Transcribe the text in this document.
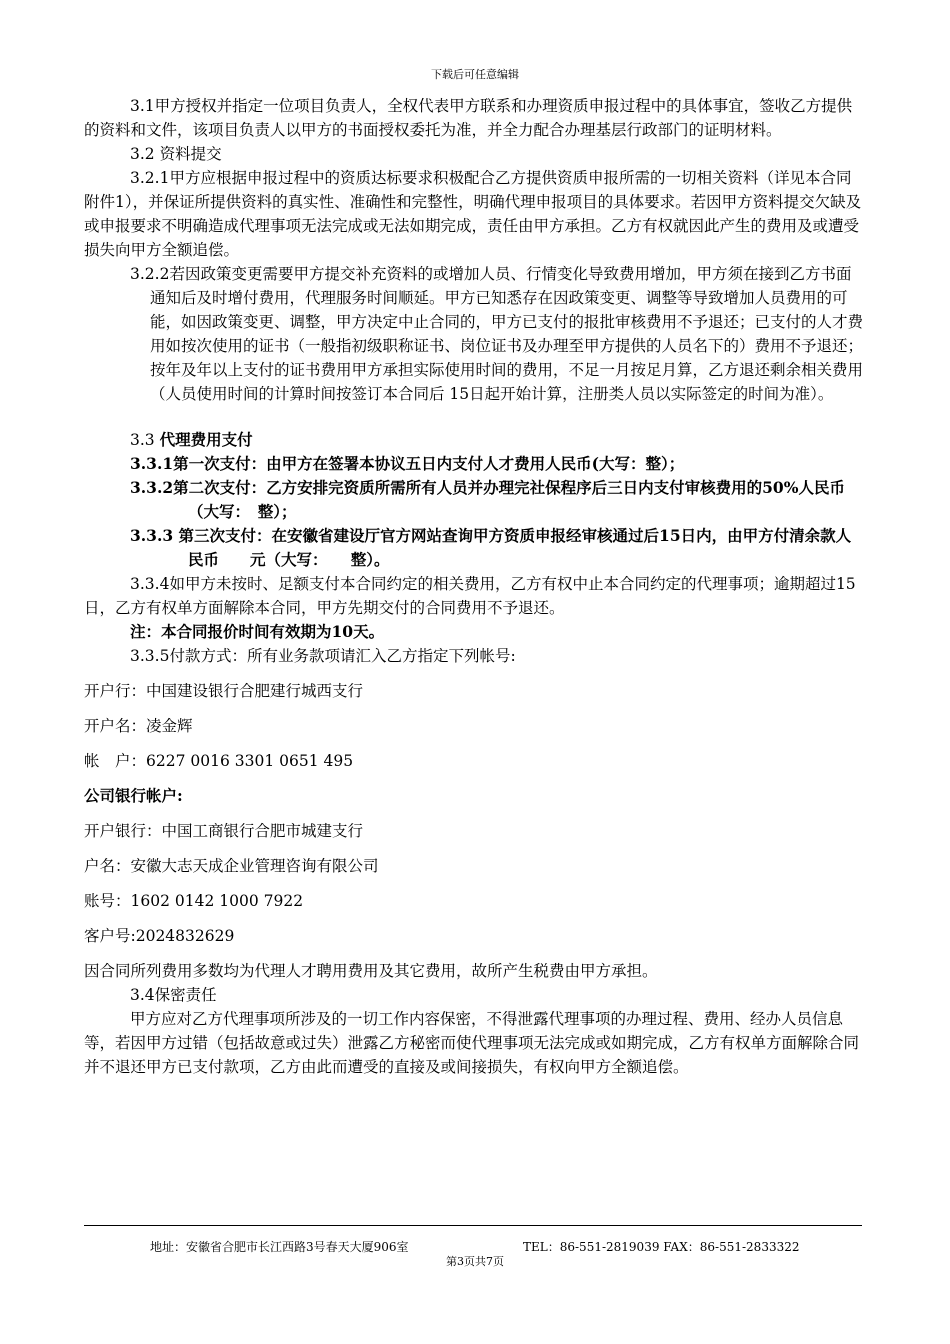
下载后可任意编辑

3.1甲方授权并指定一位项目负责人，全权代表甲方联系和办理资质申报过程中的具体事宜，签收乙方提供的资料和文件，该项目负责人以甲方的书面授权委托为准，并全力配合办理基层行政部门的证明材料。

3.2 资料提交

3.2.1甲方应根据申报过程中的资质达标要求积极配合乙方提供资质申报所需的一切相关资料（详见本合同附件1），并保证所提供资料的真实性、准确性和完整性，明确代理申报项目的具体要求。若因甲方资料提交欠缺及或申报要求不明确造成代理事项无法完成或无法如期完成，责任由甲方承担。乙方有权就因此产生的费用及或遭受损失向甲方全额追偿。

3.2.2若因政策变更需要甲方提交补充资料的或增加人员、行情变化导致费用增加，甲方须在接到乙方书面通知后及时增付费用，代理服务时间顺延。甲方已知悉存在因政策变更、调整等导致增加人员费用的可能，如因政策变更、调整，甲方决定中止合同的，甲方已支付的报批审核费用不予退还；已支付的人才费用如按次使用的证书（一般指初级职称证书、岗位证书及办理至甲方提供的人员名下的）费用不予退还；按年及年以上支付的证书费用甲方承担实际使用时间的费用，不足一月按足月算，乙方退还剩余相关费用（人员使用时间的计算时间按签订本合同后 15日起开始计算，注册类人员以实际签定的时间为准）。

3.3 代理费用支付

3.3.1第一次支付：由甲方在签署本协议五日内支付人才费用人民币(大写：整）；

3.3.2第二次支付：乙方安排完资质所需所有人员并办理完社保程序后三日内支付审核费用的50%人民币　（大写：　整）；

3.3.3 第三次支付：在安徽省建设厅官方网站查询甲方资质申报经审核通过后15日内，由甲方付清余款人民币　　元（大写：　　整）。

3.3.4如甲方未按时、足额支付本合同约定的相关费用，乙方有权中止本合同约定的代理事项；逾期超过15日，乙方有权单方面解除本合同，甲方先期交付的合同费用不予退还。

注：本合同报价时间有效期为10天。

3.3.5付款方式：所有业务款项请汇入乙方指定下列帐号:

开户行：中国建设银行合肥建行城西支行

开户名：凌金辉

帐　户：6227 0016 3301 0651 495

公司银行帐户:

开户银行：中国工商银行合肥市城建支行

户名：安徽大志天成企业管理咨询有限公司

账号：1602 0142 1000 7922

客户号:2024832629

因合同所列费用多数均为代理人才聘用费用及其它费用，故所产生税费由甲方承担。

3.4保密责任

甲方应对乙方代理事项所涉及的一切工作内容保密，不得泄露代理事项的办理过程、费用、经办人员信息等，若因甲方过错（包括故意或过失）泄露乙方秘密而使代理事项无法完成或如期完成，乙方有权单方面解除合同并不退还甲方已支付款项，乙方由此而遭受的直接及或间接损失，有权向甲方全额追偿。

地址：安徽省合肥市长江西路3号春天大厦906室	TEL：86-551-2819039 FAX：86-551-2833322
第3页共7页
